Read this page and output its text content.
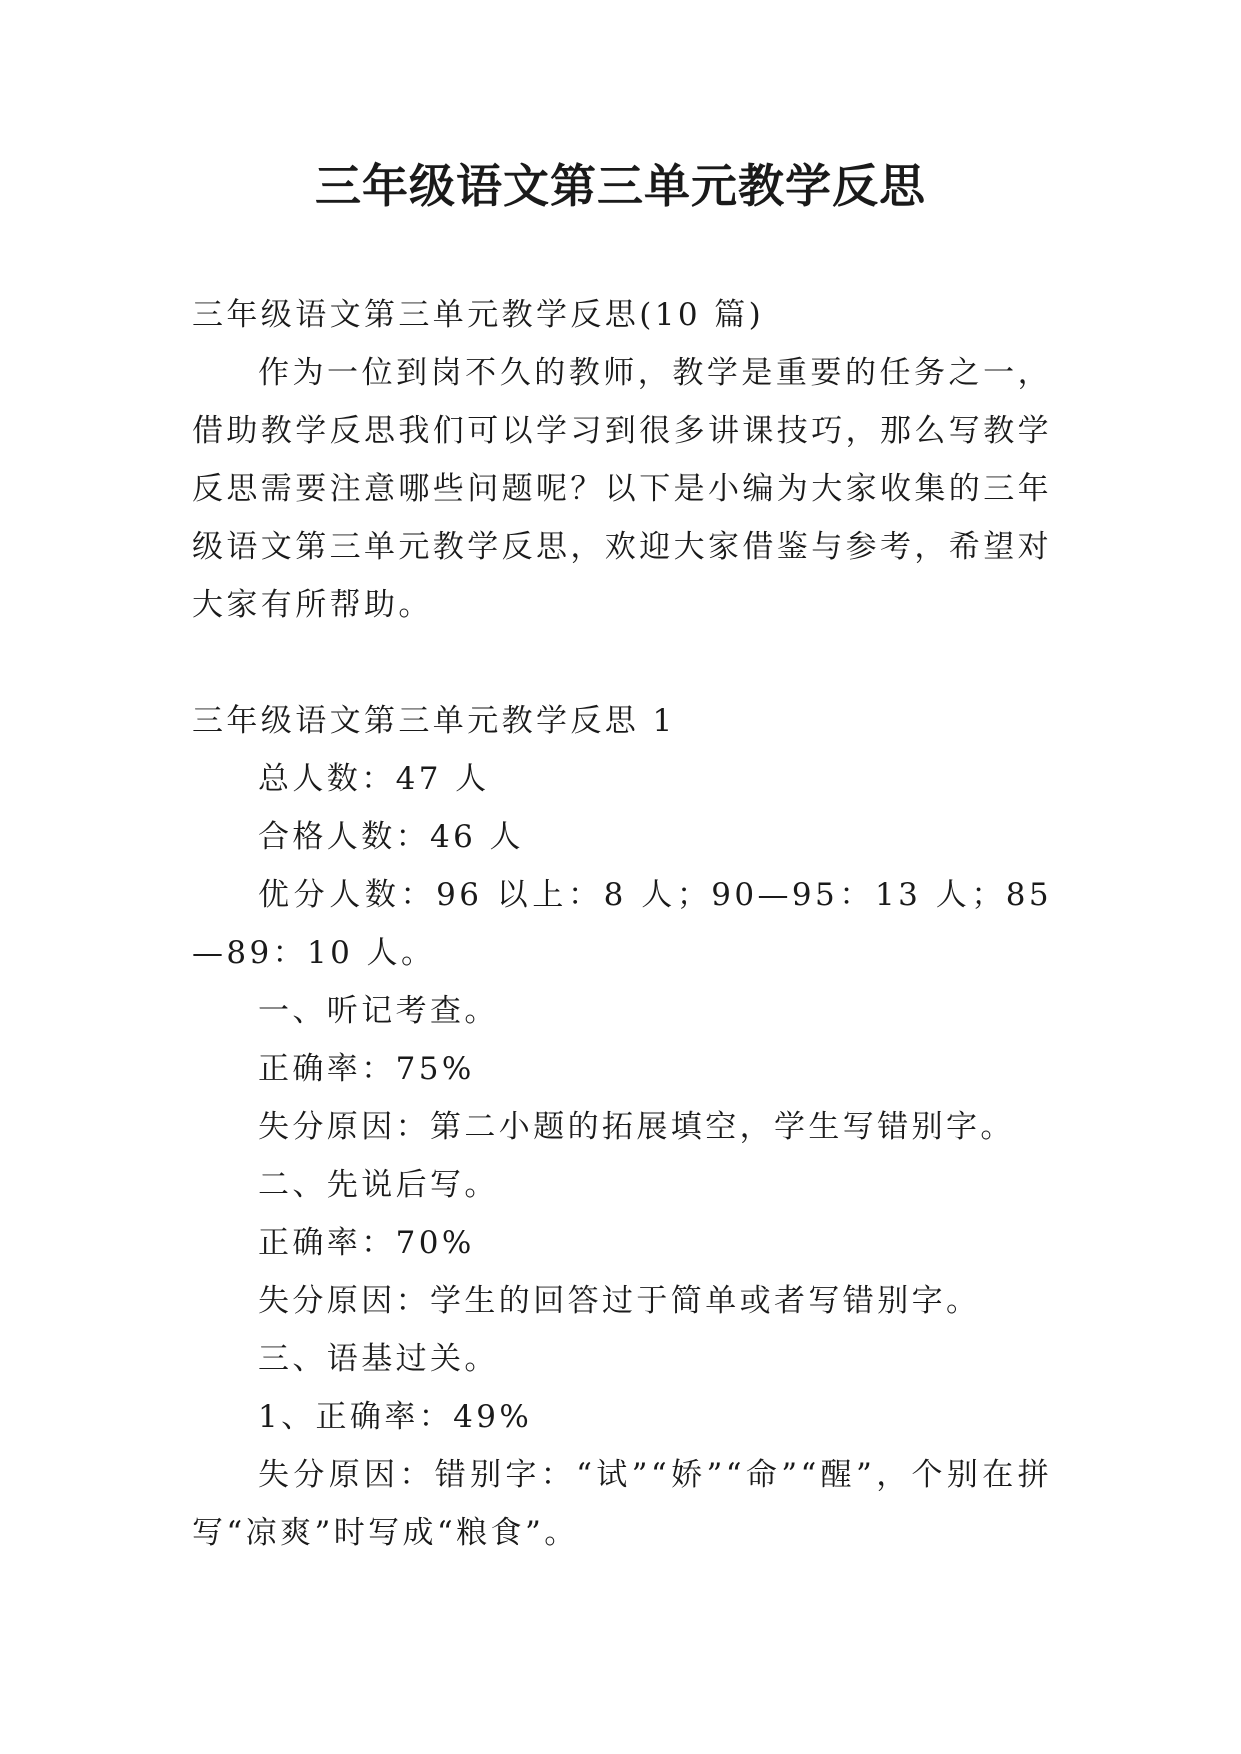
三年级语文第三单元教学反思

三年级语文第三单元教学反思(10 篇)

作为一位到岗不久的教师，教学是重要的任务之一，借助教学反思我们可以学习到很多讲课技巧，那么写教学反思需要注意哪些问题呢？以下是小编为大家收集的三年级语文第三单元教学反思，欢迎大家借鉴与参考，希望对大家有所帮助。

三年级语文第三单元教学反思 1

总人数：47 人

合格人数：46 人

优分人数：96 以上：8 人；90—95：13 人；85—89：10 人。

一、听记考查。

正确率：75%

失分原因：第二小题的拓展填空，学生写错别字。

二、先说后写。

正确率：70%

失分原因：学生的回答过于简单或者写错别字。

三、语基过关。

1、正确率：49%

失分原因：错别字：“试”“娇”“命”“醒”，个别在拼写“凉爽”时写成“粮食”。
